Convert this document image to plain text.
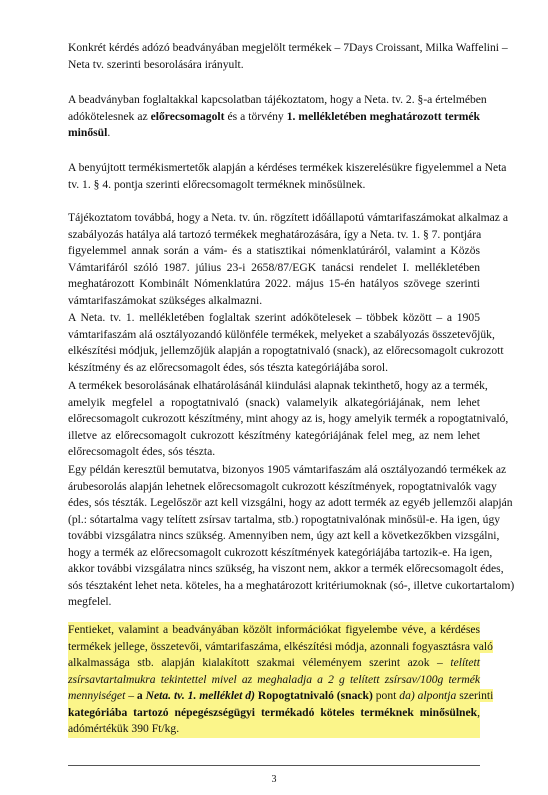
Konkrét kérdés adózó beadványában megjelölt termékek – 7Days Croissant, Milka Waffelini –
Neta tv. szerinti besorolására irányult.
A beadványban foglaltakkal kapcsolatban tájékoztatom, hogy a Neta. tv. 2. §-a értelmében
adókötelesnek az előrecsomagolt és a törvény 1. mellékletében meghatározott termék
minősül.
A benyújtott termékismertetők alapján a kérdéses termékek kiszerelésükre figyelemmel a Neta
tv. 1. § 4. pontja szerinti előrecsomagolt terméknek minősülnek.
Tájékoztatom továbbá, hogy a Neta. tv. ún. rögzített időállapotú vámtarifaszámokat alkalmaz a
szabályozás hatálya alá tartozó termékek meghatározására, így a Neta. tv. 1. § 7. pontjára
figyelemmel annak során a vám- és a statisztikai nómenklatúráról, valamint a Közös
Vámtarifáról szóló 1987. július 23-i 2658/87/EGK tanácsi rendelet I. mellékletében
meghatározott Kombinált Nómenklatúra 2022. május 15-én hatályos szövege szerinti
vámtarifaszámokat szükséges alkalmazni.
A Neta. tv. 1. mellékletében foglaltak szerint adókötelesek – többek között – a 1905
vámtarifaszám alá osztályozandó különféle termékek, melyeket a szabályozás összetevőjük,
elkészítési módjuk, jellemzőjük alapján a ropogtatnivaló (snack), az előrecsomagolt cukrozott
készítmény és az előrecsomagolt édes, sós tészta kategóriájába sorol.
A termékek besorolásának elhatárolásánál kiindulási alapnak tekinthető, hogy az a termék,
amelyik megfelel a ropogtatnivaló (snack) valamelyik alkategóriájának, nem lehet
előrecsomagolt cukrozott készítmény, mint ahogy az is, hogy amelyik termék a ropogtatnivaló,
illetve az előrecsomagolt cukrozott készítmény kategóriájának felel meg, az nem lehet
előrecsomagolt édes, sós tészta.
Egy példán keresztül bemutatva, bizonyos 1905 vámtarifaszám alá osztályozandó termékek az
árubesorolás alapján lehetnek előrecsomagolt cukrozott készítmények, ropogtatnivalók vagy
édes, sós tészták. Legelőször azt kell vizsgálni, hogy az adott termék az egyéb jellemzői alapján
(pl.: sótartalma vagy telített zsírsav tartalma, stb.) ropogtatnivalónak minősül-e. Ha igen, úgy
további vizsgálatra nincs szükség. Amennyiben nem, úgy azt kell a következőkben vizsgálni,
hogy a termék az előrecsomagolt cukrozott készítmények kategóriájába tartozik-e. Ha igen,
akkor további vizsgálatra nincs szükség, ha viszont nem, akkor a termék előrecsomagolt édes,
sós tésztaként lehet neta. köteles, ha a meghatározott kritériumoknak (só-, illetve cukortartalom)
megfelel.
Fentieket, valamint a beadványában közölt információkat figyelembe véve, a kérdéses
termékek jellege, összetevői, vámtarifaszáma, elkészítési módja, azonnali fogyasztásra való
alkalmassága stb. alapján kialakított szakmai véleményem szerint azok – telített
zsírsavtartalmukra tekintettel mivel az meghaladja a 2 g telített zsírsav/100g termék
mennyiséget – a Neta. tv. 1. melléklet d) Ropogtatnivaló (snack) pont da) alpontja szerinti
kategóriába tartozó népegészségügyi termékadó köteles terméknek minősülnek,
adómértékük 390 Ft/kg.
3
